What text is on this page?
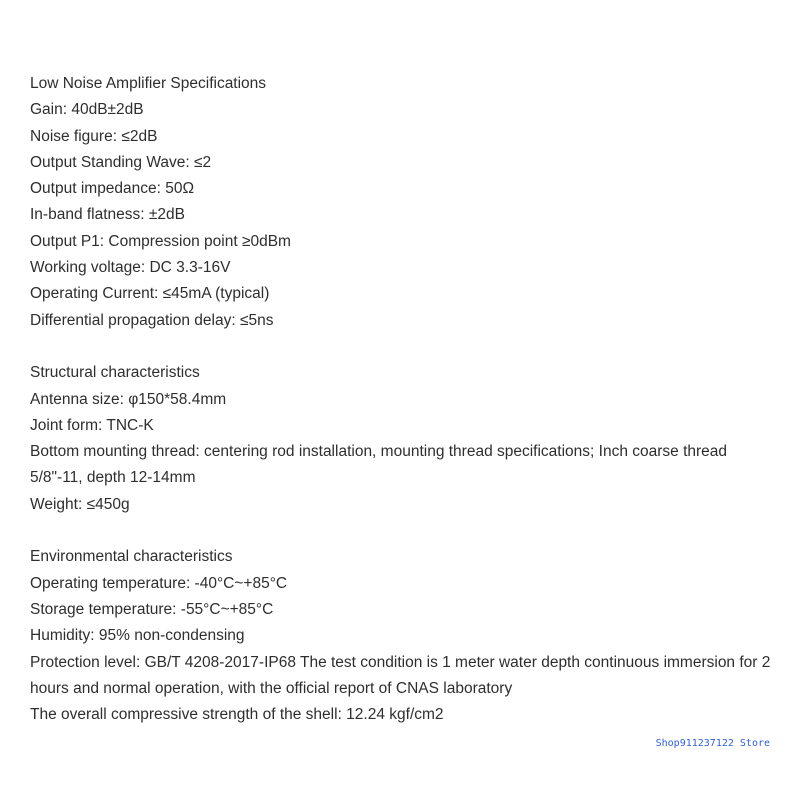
Low Noise Amplifier Specifications
Gain: 40dB±2dB
Noise figure: ≤2dB
Output Standing Wave: ≤2
Output impedance: 50Ω
In-band flatness: ±2dB
Output P1: Compression point ≥0dBm
Working voltage: DC 3.3-16V
Operating Current: ≤45mA (typical)
Differential propagation delay: ≤5ns
Structural characteristics
Antenna size: φ150*58.4mm
Joint form: TNC-K
Bottom mounting thread: centering rod installation, mounting thread specifications; Inch coarse thread 5/8"-11, depth 12-14mm
Weight: ≤450g
Environmental characteristics
Operating temperature: -40°C~+85°C
Storage temperature: -55°C~+85°C
Humidity: 95% non-condensing
Protection level: GB/T 4208-2017-IP68 The test condition is 1 meter water depth continuous immersion for 2 hours and normal operation, with the official report of CNAS laboratory
The overall compressive strength of the shell: 12.24 kgf/cm2
Shop911237122 Store
